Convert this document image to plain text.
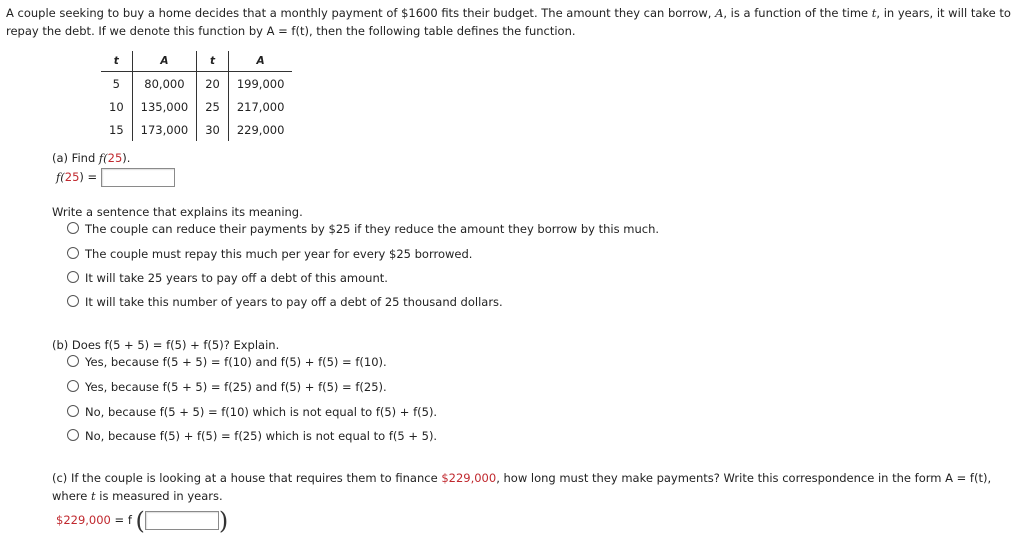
A couple seeking to buy a home decides that a monthly payment of $1600 fits their budget. The amount they can borrow, A, is a function of the time t, in years, it will take to repay the debt. If we denote this function by A = f(t), then the following table defines the function.
t	A	t	A
5	80,000	20	199,000
10	135,000	25	217,000
15	173,000	30	229,000
(a) Find f(25).
f(25) =
Write a sentence that explains its meaning.
The couple can reduce their payments by $25 if they reduce the amount they borrow by this much.
The couple must repay this much per year for every $25 borrowed.
It will take 25 years to pay off a debt of this amount.
It will take this number of years to pay off a debt of 25 thousand dollars.
(b) Does f(5 + 5) = f(5) + f(5)? Explain.
Yes, because f(5 + 5) = f(10) and f(5) + f(5) = f(10).
Yes, because f(5 + 5) = f(25) and f(5) + f(5) = f(25).
No, because f(5 + 5) = f(10) which is not equal to f(5) + f(5).
No, because f(5) + f(5) = f(25) which is not equal to f(5 + 5).
(c) If the couple is looking at a house that requires them to finance $229,000, how long must they make payments? Write this correspondence in the form A = f(t),
where t is measured in years.
$229,000 = f (	)
